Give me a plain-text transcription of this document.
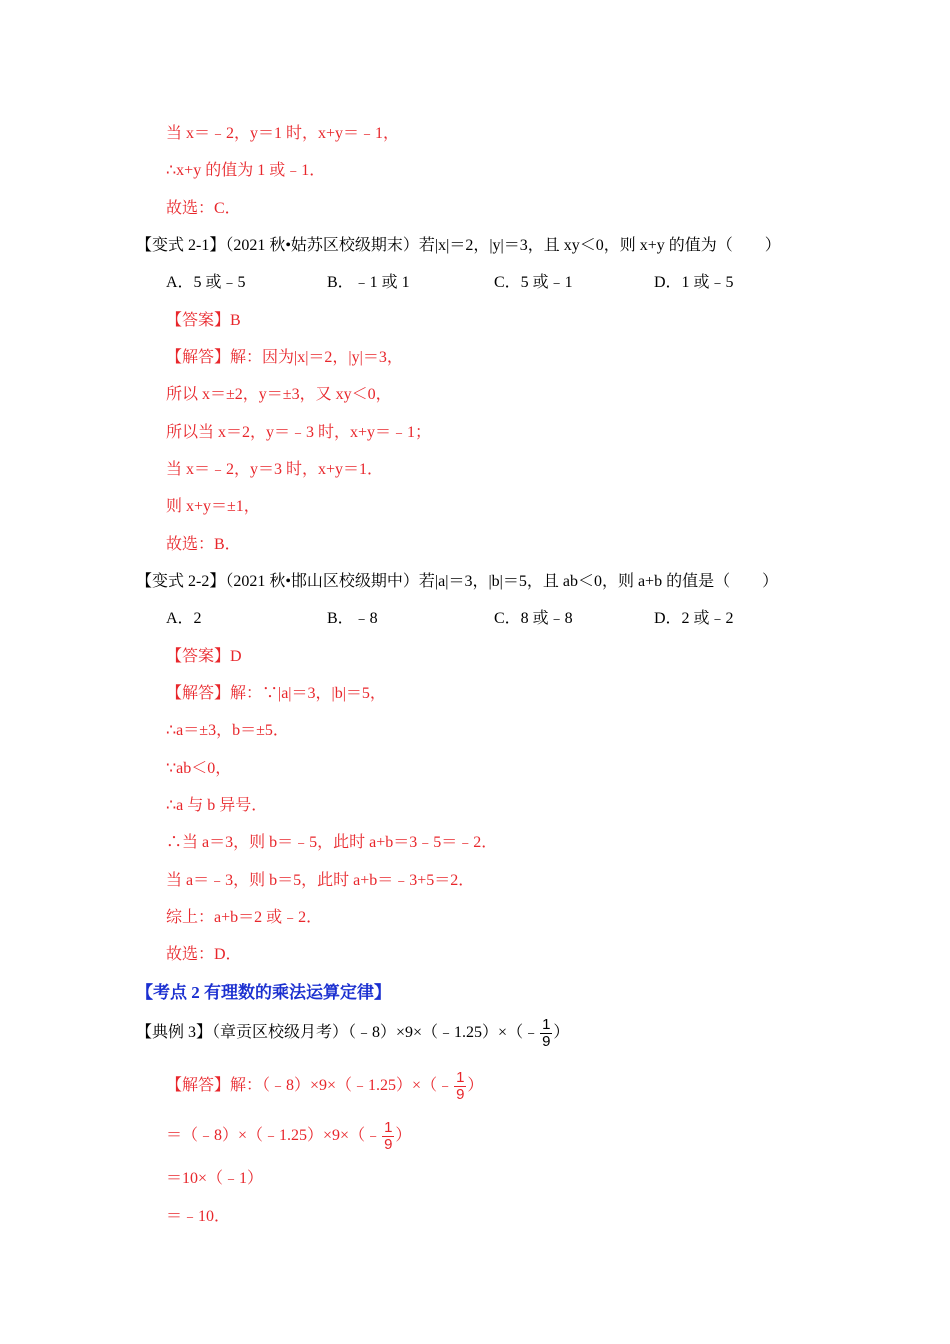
当 x＝﹣2，y＝1 时，x+y＝﹣1，
∴x+y 的值为 1 或﹣1．
故选：C．
【变式 2-1】（2021 秋•姑苏区校级期末）若|x|＝2，|y|＝3，且 xy＜0，则 x+y 的值为（　　）
A．5 或﹣5	B．﹣1 或 1	C．5 或﹣1	D．1 或﹣5
【答案】B
【解答】解：因为|x|＝2，|y|＝3，
所以 x＝±2，y＝±3，又 xy＜0，
所以当 x＝2，y＝﹣3 时，x+y＝﹣1；
当 x＝﹣2，y＝3 时，x+y＝1．
则 x+y＝±1，
故选：B．
【变式 2-2】（2021 秋•邯山区校级期中）若|a|＝3，|b|＝5，且 ab＜0，则 a+b 的值是（　　）
A．2	B．﹣8	C．8 或﹣8	D．2 或﹣2
【答案】D
【解答】解：∵|a|＝3，|b|＝5，
∴a＝±3，b＝±5．
∵ab＜0，
∴a 与 b 异号．
∴当 a＝3，则 b＝﹣5，此时 a+b＝3﹣5＝﹣2．
当 a＝﹣3，则 b＝5，此时 a+b＝﹣3+5＝2．
综上：a+b＝2 或﹣2．
故选：D．
【考点 2 有理数的乘法运算定律】
【典例 3】（章贡区校级月考）（﹣8）×9×（﹣1.25）×（﹣ $\frac{1}{9}$ ）
【解答】解：（﹣8）×9×（﹣1.25）×（﹣ $\frac{1}{9}$ ）
＝（﹣8）×（﹣1.25）×9×（﹣ $\frac{1}{9}$ ）
＝10×（﹣1）
＝﹣10．
